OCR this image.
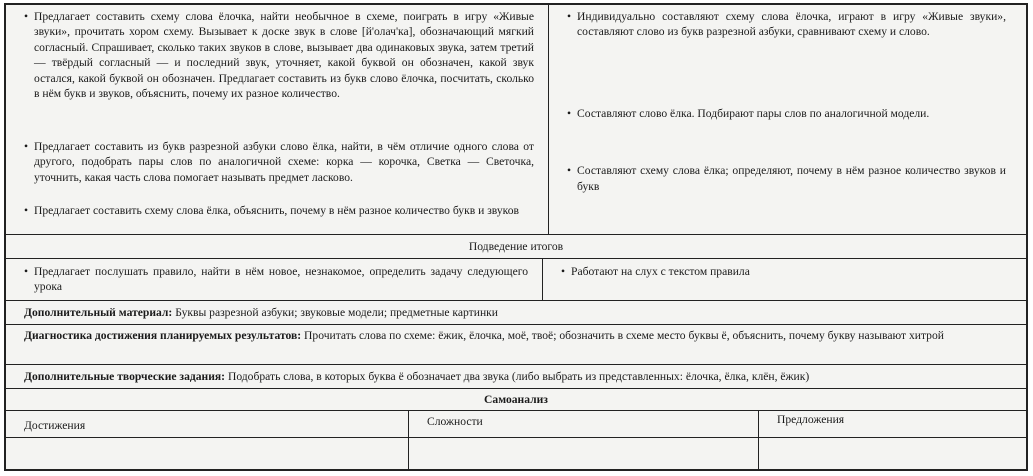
• Предлагает составить схему слова ёлочка, найти необычное в схеме, поиграть в игру «Живые звуки», прочитать хором схему. Вызывает к доске звук в слове [й'олач'ка], обозначающий мягкий согласный. Спрашивает, сколько таких звуков в слове, вызывает два одинаковых звука, затем третий — твёрдый согласный — и последний звук, уточняет, какой буквой он обозначен, какой звук остался, какой буквой он обозначен. Предлагает составить из букв слово ёлочка, посчитать, сколько в нём букв и звуков, объяснить, почему их разное количество.

• Предлагает составить из букв разрезной азбуки слово ёлка, найти, в чём отличие одного слова от другого, подобрать пары слов по аналогичной схеме: корка — корочка, Светка — Светочка, уточнить, какая часть слова помогает называть предмет ласково.

• Предлагает составить схему слова ёлка, объяснить, почему в нём разное количество букв и звуков

• Индивидуально составляют схему слова ёлочка, играют в игру «Живые звуки», составляют слово из букв разрезной азбуки, сравнивают схему и слово.

• Составляют слово ёлка. Подбирают пары слов по аналогичной модели.

• Составляют схему слова ёлка; определяют, почему в нём разное количество звуков и букв

Подведение итогов

• Предлагает послушать правило, найти в нём новое, незнакомое, определить задачу следующего урока

• Работают на слух с текстом правила

Дополнительный материал: Буквы разрезной азбуки; звуковые модели; предметные картинки

Диагностика достижения планируемых результатов: Прочитать слова по схеме: ёжик, ёлочка, моё, твоё; обозначить в схеме место буквы ё, объяснить, почему букву называют хитрой

Дополнительные творческие задания: Подобрать слова, в которых буква ё обозначает два звука (либо выбрать из представленных: ёлочка, ёлка, клён, ёжик)

Самоанализ
Достижения	Сложности	Предложения
